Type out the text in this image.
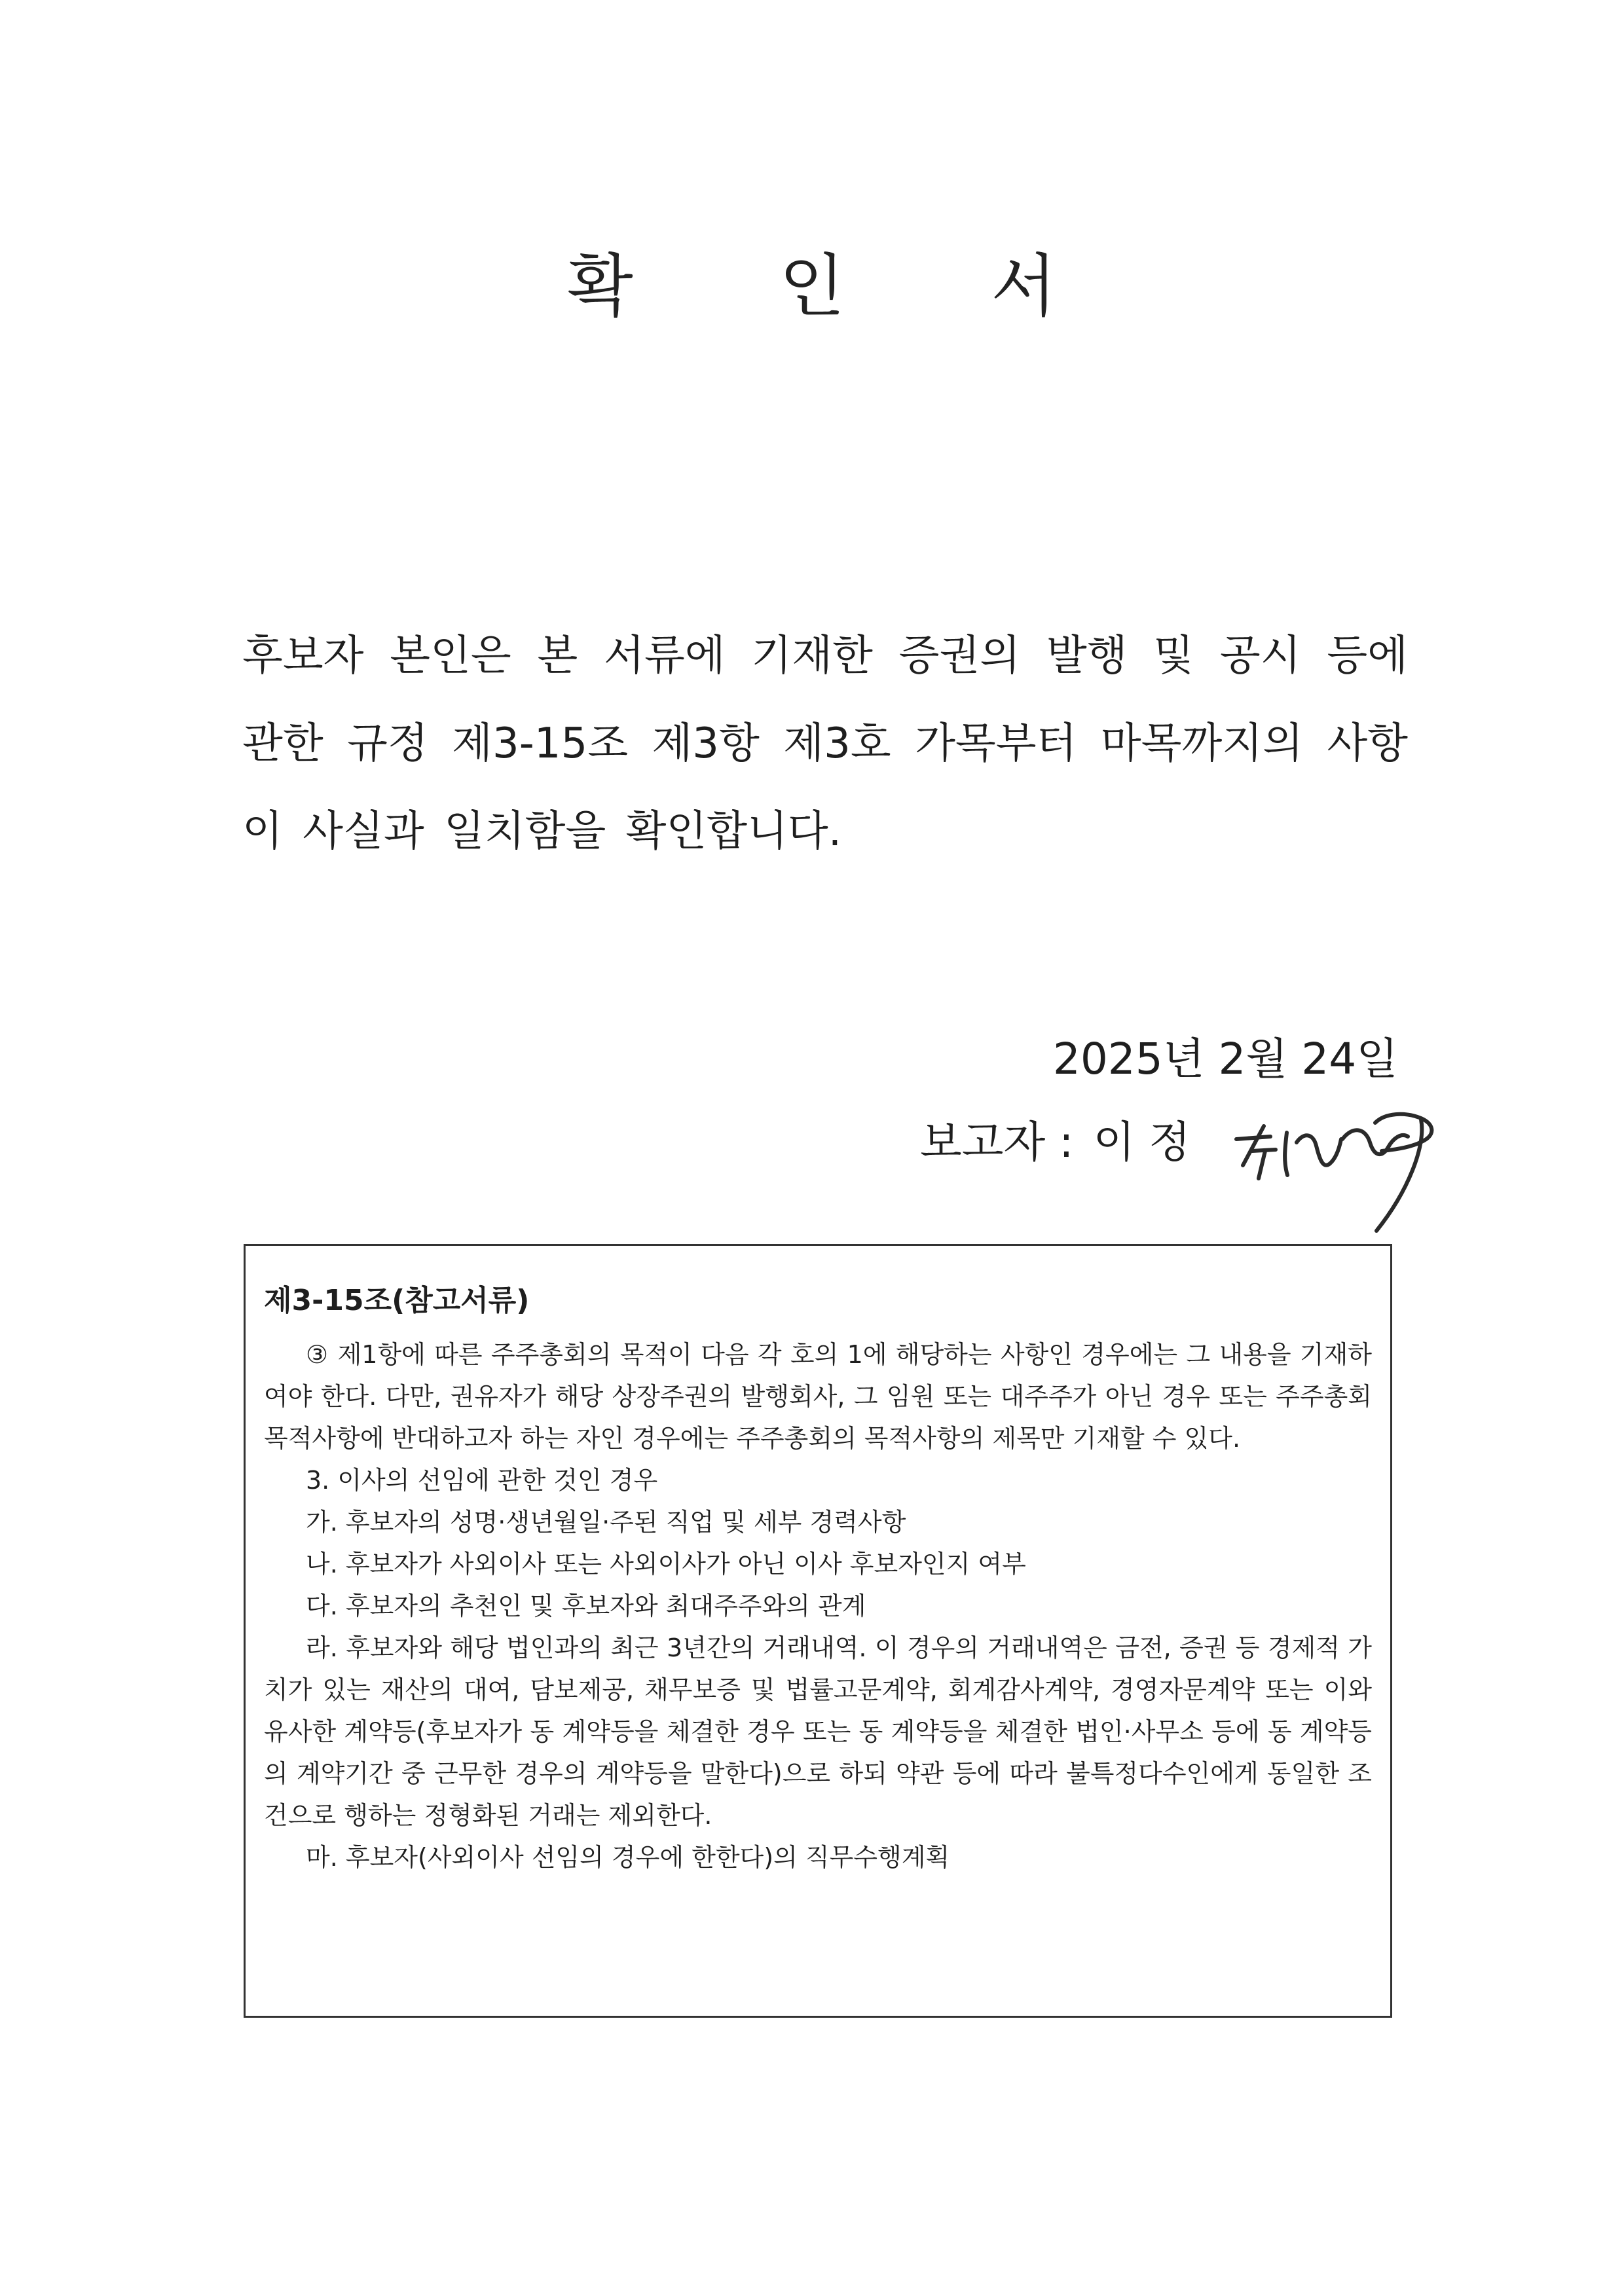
확 인 서
후보자 본인은 본 서류에 기재한 증권의 발행 및 공시 등에 관한 규정 제3-15조 제3항 제3호 가목부터 마목까지의 사항이 사실과 일치함을 확인합니다.
2025년 2월 24일
보고자 : 이 정
제3-15조(참고서류)

③ 제1항에 따른 주주총회의 목적이 다음 각 호의 1에 해당하는 사항인 경우에는 그 내용을 기재하여야 한다. 다만, 권유자가 해당 상장주권의 발행회사, 그 임원 또는 대주주가 아닌 경우 또는 주주총회 목적사항에 반대하고자 하는 자인 경우에는 주주총회의 목적사항의 제목만 기재할 수 있다.

3. 이사의 선임에 관한 것인 경우

가. 후보자의 성명·생년월일·주된 직업 및 세부 경력사항

나. 후보자가 사외이사 또는 사외이사가 아닌 이사 후보자인지 여부

다. 후보자의 추천인 및 후보자와 최대주주와의 관계

라. 후보자와 해당 법인과의 최근 3년간의 거래내역. 이 경우의 거래내역은 금전, 증권 등 경제적 가치가 있는 재산의 대여, 담보제공, 채무보증 및 법률고문계약, 회계감사계약, 경영자문계약 또는 이와 유사한 계약등(후보자가 동 계약등을 체결한 경우 또는 동 계약등을 체결한 법인·사무소 등에 동 계약등의 계약기간 중 근무한 경우의 계약등을 말한다)으로 하되 약관 등에 따라 불특정다수인에게 동일한 조건으로 행하는 정형화된 거래는 제외한다.

마. 후보자(사외이사 선임의 경우에 한한다)의 직무수행계획
